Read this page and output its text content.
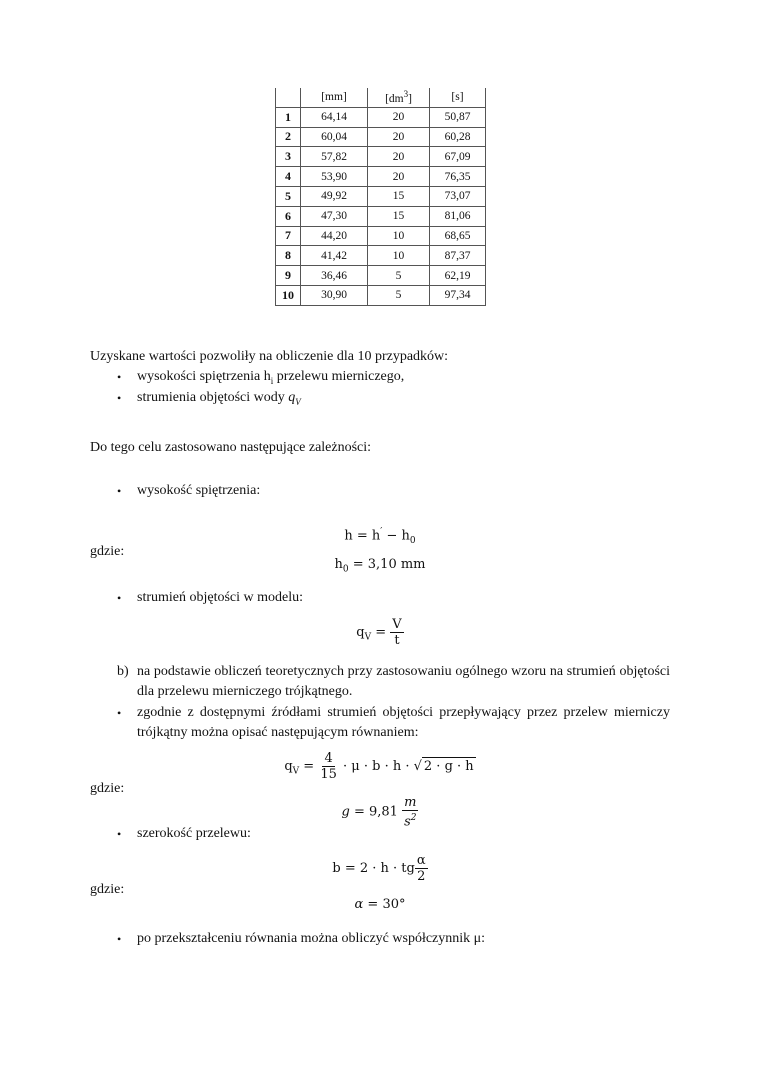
	[mm]	$[dm^3]$	[s]
1	64,14	20	50,87
2	60,04	20	60,28
3	57,82	20	67,09
4	53,90	20	76,35
5	49,92	15	73,07
6	47,30	15	81,06
7	44,20	10	68,65
8	41,42	10	87,37
9	36,46	5	62,19
10	30,90	5	97,34
Uzyskane wartości pozwoliły na obliczenie dla 10 przypadków:
• wysokości spiętrzenia $h_i$ przelewu mierniczego,
• strumienia objętości wody $q_V$
Do tego celu zastosowano następujące zależności:
• wysokość spiętrzenia:
$h = h' - h_0$
gdzie:
$h_0 = 3,10$ mm
• strumień objętości w modelu:
$q_V = \frac{V}{t}$
b) na podstawie obliczeń teoretycznych przy zastosowaniu ogólnego wzoru na strumień objętości dla przelewu mierniczego trójkątnego.
• zgodnie z dostępnymi źródłami strumień objętości przepływający przez przelew mierniczy trójkątny można opisać następującym równaniem:
$q_V = \frac{4}{15} \cdot \mu \cdot b \cdot h$ · √ 2 · g · h
gdzie:
$g = 9,81 \frac{m}{s^2}$
• szerokość przelewu:
b = 2 · h · tg $\frac{\alpha}{2}$
gdzie:
α = 30°
• po przekształceniu równania można obliczyć współczynnik μ:
